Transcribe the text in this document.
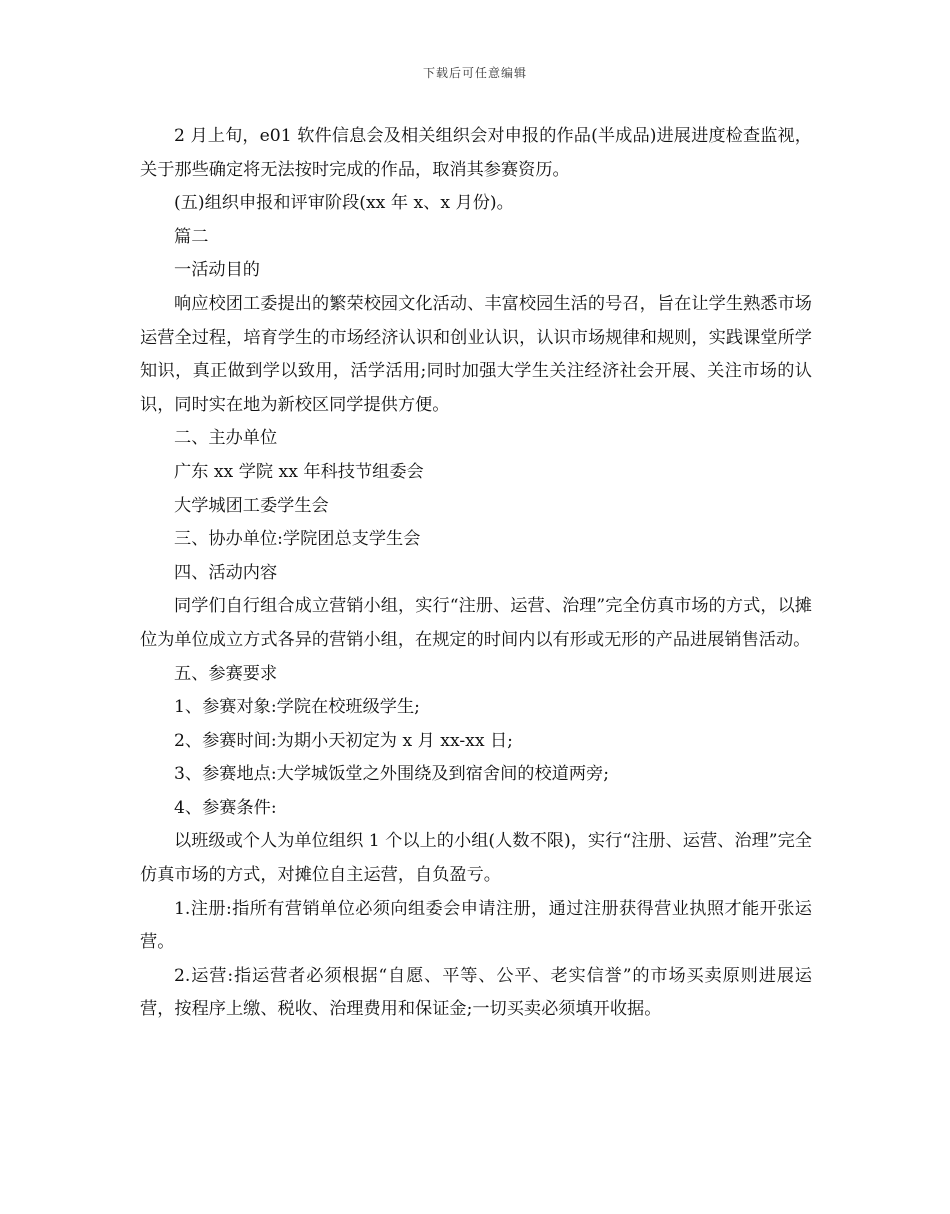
下载后可任意编辑

2 月上旬，e01 软件信息会及相关组织会对申报的作品(半成品)进展进度检查监视，关于那些确定将无法按时完成的作品，取消其参赛资历。

(五)组织申报和评审阶段(xx 年 x、x 月份)。

篇二

一活动目的

响应校团工委提出的繁荣校园文化活动、丰富校园生活的号召，旨在让学生熟悉市场运营全过程，培育学生的市场经济认识和创业认识，认识市场规律和规则，实践课堂所学知识，真正做到学以致用，活学活用;同时加强大学生关注经济社会开展、关注市场的认识，同时实在地为新校区同学提供方便。

二、主办单位

广东 xx 学院 xx 年科技节组委会

大学城团工委学生会

三、协办单位:学院团总支学生会

四、活动内容

同学们自行组合成立营销小组，实行“注册、运营、治理”完全仿真市场的方式，以摊位为单位成立方式各异的营销小组，在规定的时间内以有形或无形的产品进展销售活动。

五、参赛要求

1、参赛对象:学院在校班级学生;

2、参赛时间:为期小天初定为 x 月 xx-xx 日;

3、参赛地点:大学城饭堂之外围绕及到宿舍间的校道两旁;

4、参赛条件:

以班级或个人为单位组织 1 个以上的小组(人数不限)，实行“注册、运营、治理”完全仿真市场的方式，对摊位自主运营，自负盈亏。

1.注册:指所有营销单位必须向组委会申请注册，通过注册获得营业执照才能开张运营。

2.运营:指运营者必须根据“自愿、平等、公平、老实信誉”的市场买卖原则进展运营，按程序上缴、税收、治理费用和保证金;一切买卖必须填开收据。
